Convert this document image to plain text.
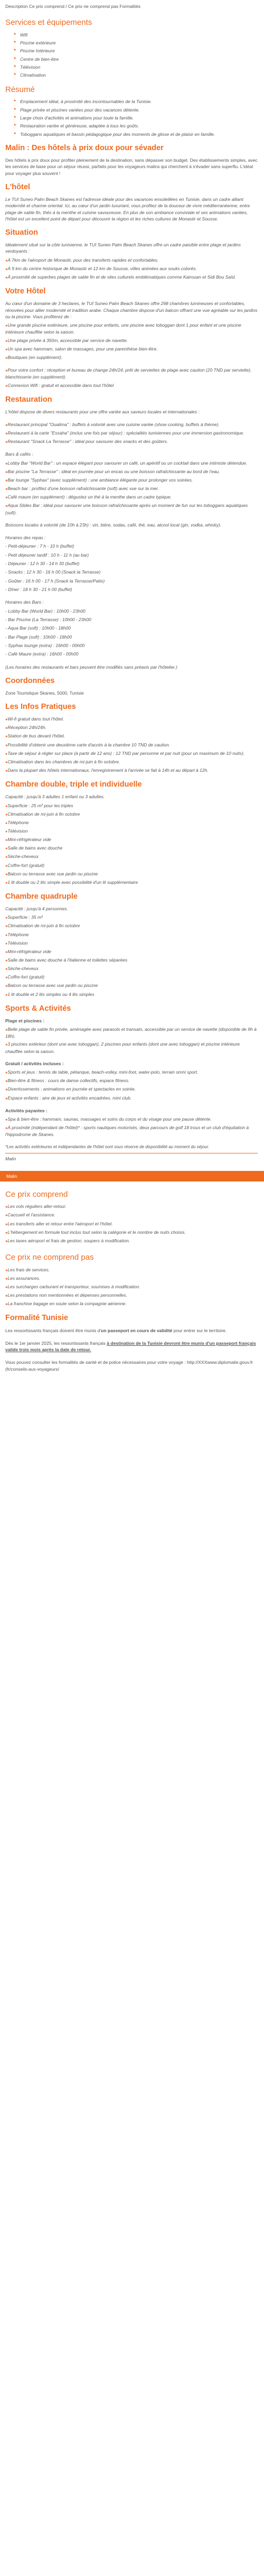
Description Ce prix comprend / Ce prix ne comprend pas Formalités
Services et équipements
● Wifi
● Piscine extérieure
● Piscine Intérieure
● Centre de bien-être
● Télévision
● Climatisation
Résumé
● Emplacement idéal, à proximité des incontournables de la Tunisie.
● Plage privée et piscines variées pour des vacances détente.
● Large choix d'activités et animations pour toute la famille.
● Restauration variée et généreuse, adaptée à tous les goûts.
● Toboggans aquatiques et bassin pédagogique pour des moments de glisse et de plaisir en famille.
Malin : Des hôtels à prix doux pour sévader

Des hôtels à prix doux pour profiter pleinement de la destination, sans dépasser son budget. Des établissements simples, avec les services de base pour un séjour réussi, parfaits pour les voyageurs malins qui cherchent à s'évader sans superflu. L'idéal pour voyager plus souvent !

L'hôtel

Le TUI Suneo Palm Beach Skanes est l'adresse idéale pour des vacances ensoleillées en Tunisie, dans un cadre alliant modernité et charme oriental. Ici, au cœur d'un jardin luxuriant, vous profitez de la douceur de vivre méditerranéenne, entre plage de sable fin, thés à la menthe et cuisine savoureuse. En plus de son ambiance conviviale et ses animations variées, l'hôtel est un excellent point de départ pour découvrir la région et les riches cultures de Monastir et Sousse.

Situation

Idéalement situé sur la côte tunisienne, le TUI Suneo Palm Beach Skanes offre un cadre paisible entre plage et jardins verdoyants :

● À 7km de l'aéroport de Monastir, pour des transferts rapides et confortables.

● À 9 km du centre historique de Monastir et 12 km de Sousse, villes animées aux souks colorés.

● À proximité de superbes plages de sable fin et de sites culturels emblématiques comme Kairouan et Sidi Bou Saïd.

Votre Hôtel

Au cœur d'un domaine de 3 hectares, le TUI Suneo Palm Beach Skanes offre 298 chambres lumineuses et confortables, rénovées pour allier modernité et tradition arabe. Chaque chambre dispose d'un balcon offrant une vue agréable sur les jardins ou la piscine. Vous profiterez de :

● Une grande piscine extérieure, une piscine pour enfants, une piscine avec toboggan dont 1 pour enfant et une piscine intérieure chauffée selon la saison.

● Une plage privée à 350m, accessible par service de navette.

● Un spa avec hammam, salon de massages, pour une parenthèse bien-être.

● Boutiques (en supplément).

● Pour votre confort : réception et bureau de change 24h/24, prêt de serviettes de plage avec caution (20 TND par serviette), blanchisserie (en supplément).

● Connexion Wifi : gratuit et accessible dans tout l'hôtel

Restauration

L'hôtel dispose de divers restaurants pour une offre variée aux saveurs locales et internationales :

● Restaurant principal "Oualima" : buffets à volonté avec une cuisine variée (show cooking, buffets à thème).

● Restaurant à la carte "Essaha" (inclus une fois par séjour) : spécialités tunisiennes pour une immersion gastronomique.

● Restaurant "Snack La Terrasse" : idéal pour savourer des snacks et des goûters.

Bars & cafés :

● Lobby Bar "World Bar" : un espace élégant pour savourer un café, un apéritif ou un cocktail dans une intimiste détendue.

● Bar piscine "La Terrasse" : idéal en journée pour un encas ou une boisson rafraîchissante au bord de l'eau.

● Bar lounge "Syphax" (avec supplément) : une ambiance élégante pour prolonger vos soirées.

● Beach bar : profitez d'une boisson rafraîchissante (soft) avec vue sur la mer.

● Café maure (en supplément) : dégustez un thé à la menthe dans un cadre typique.

● Aqua Slides Bar : idéal pour savourer une boisson rafraîchissante après un moment de fun sur les toboggans aquatiques (soft).

Boissons locales à volonté (de 10h à 23h) : vin, bière, sodas, café, thé, eau, alcool local (gin, vodka, whisky).

Horaires des repas :

- Petit-déjeuner : 7 h - 10 h (buffet)

- Petit déjeuner tardif : 10 h - 11 h (au bar)

- Déjeuner : 12 h 30 - 14 h 30 (buffet)

- Snacks : 12 h 30 - 16 h 00 (Snack la Terrasse)

- Goûter : 16 h 00 - 17 h (Snack la Terrasse/Patio)

- Dîner : 18 h 30 - 21 h 00 (buffet)

Horaires des Bars :

- Lobby Bar (World Bar) : 10h00 - 23h00

- Bar Piscine (La Terrasse) : 10h00 - 23h00

- Aqua Bar (soft) : 10h00 - 18h00

- Bar Plage (soft) : 10h00 - 18h00

- Syphax lounge (extra) : 16h00 - 00h00

- Café Maure (extra) : 16h00 - 00h00

(Les horaires des restaurants et bars peuvent être modifiés sans préavis par l'hôtelier.)

Coordonnées

Zone Touristique Skanes, 5000, Tunisie

Les Infos Pratiques

● Wi-fi gratuit dans tout l'hôtel.

● Réception 24h/24h.

● Station de bus devant l'hôtel.

● Possibilité d'obtenir une deuxième carte d'accès à la chambre 10 TND de caution.

● Taxe de séjour à régler sur place (à partir de 12 ans) : 12 TND par personne et par nuit (pour un maximum de 10 nuits).

● Climatisation dans les chambres de mi-juin à fin octobre.

● Dans la plupart des hôtels internationaux, l'enregistrement à l'arrivée se fait à 14h et au départ à 12h.

Chambre double, triple et individuelle

Capacité : jusqu'à 3 adultes 1 enfant ou 3 adultes.

● Superficie : 25 m² pour les triples

● Climatisation de mi-juin à fin octobre

● Téléphone

● Télévision

● Mini-réfrigérateur vide

● Salle de bains avec douche

● Sèche-cheveux

● Coffre-fort (gratuit)

● Balcon ou terrasse avec vue jardin ou piscine

● 1 lit double ou 2 lits simple avec possibilité d'un lit supplémentaire

Chambre quadruple

Capacité : jusqu'à 4 personnes.

● Superficie : 35 m²

● Climatisation de mi-juin à fin octobre

● Téléphone

● Télévision

● Mini-réfrigérateur vide

● Salle de bains avec douche à l'italienne et toilettes séparées

● Sèche-cheveux

● Coffre-fort (gratuit)

● Balcon ou terrasse avec vue jardin ou piscine

● 1 lit double et 2 lits simples ou 4 lits simples

Sports & Activités

Plage et piscines :

● Belle plage de sable fin privée, aménagée avec parasols et transats, accessible par un service de navette (disponible de 9h à 18h).

● 3 piscines extérieur (dont une avec toboggan), 2 piscines pour enfants (dont une avec toboggan) et piscine intérieure chauffée selon la saison.

Gratuit / activités incluses :

● Sports et jeux : tennis de table, pétanque, beach-volley, mini-foot, water-polo, terrain omni sport.

● Bien-être & fitness : cours de danse collectifs, espace fitness.

● Divertissements : animations en journée et spectacles en soirée.

● Espace enfants : aire de jeux et activités encadrées, mini club.

Activités payantes :

● Spa & bien-être : hammam, saunas, massages et soins du corps et du visage pour une pause détente.

● À proximité (indépendant de l'hôtel)* : sports nautiques motorisés, deux parcours de golf 18 trous et un club d'équitation à l'hippodrome de Skanes.

*Les activités extérieures et indépendantes de l'hôtel sont sous réserve de disponibilité au moment du séjour.

Malin

Malin
Ce prix comprend

● Les vols réguliers aller-retour.

● Caccueil et l'assistance.

● Les transferts aller et retour entre l'aéroport et l'hôtel.

● L'hébergement en formule tout inclus tout selon la catégorie et le nombre de nuits choisis.

● Les taxes aéroport et frais de gestion, soupers à modification.

Ce prix ne comprend pas

● Les frais de services.

● Les assurances.

● Les surcharges carburant et transporteur, soumises à modification.

● Les prestations non mentionnées et dépenses personnelles.

● La franchise bagage en soute selon la compagnie aérienne.

Formalité Tunisie

Les ressortissants français doivent être munis d'un passeport en cours de validité pour entrer sur le territoire.

Dès le 1er janvier 2025, les ressortissants français à destination de la Tunisie devront être munis d'un passeport français valide trois mois après la date de retour.

Vous pouvez consulter les formalités de santé et de police nécessaires pour votre voyage : http://XXXwww.diplomatie.gouv.fr (fr/conseils-aux-voyageurs/
